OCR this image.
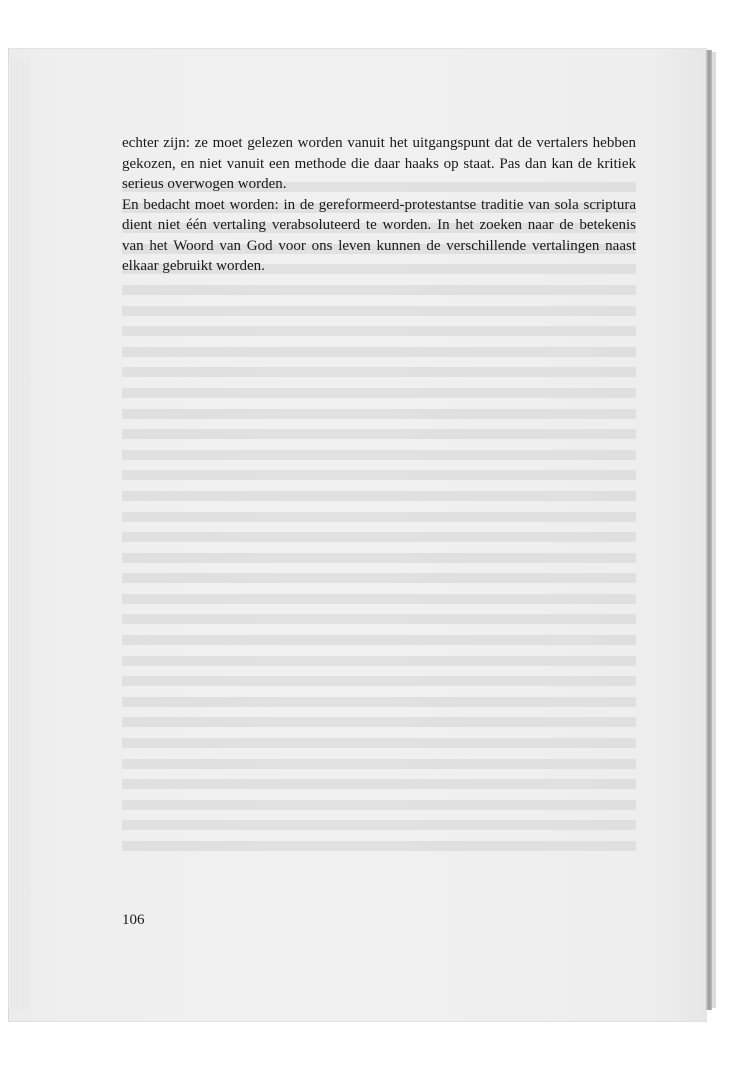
echter zijn: ze moet gelezen worden vanuit het uitgangspunt dat de vertalers hebben gekozen, en niet vanuit een methode die daar haaks op staat. Pas dan kan de kritiek serieus overwogen worden.

En bedacht moet worden: in de gereformeerd-protestantse traditie van sola scriptura dient niet één vertaling verabsoluteerd te worden. In het zoeken naar de betekenis van het Woord van God voor ons leven kunnen de verschillende vertalingen naast elkaar gebruikt worden.

106
